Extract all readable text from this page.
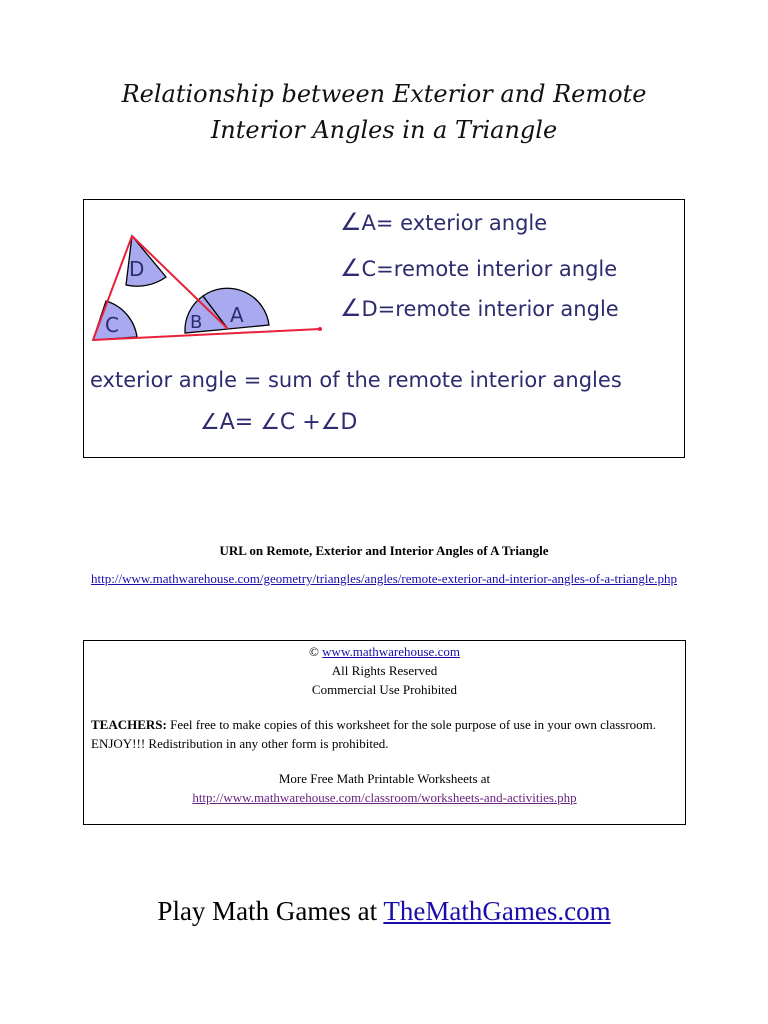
Relationship between Exterior and Remote
Interior Angles in a Triangle
D
C	B A
∠A= exterior angle
∠C=remote interior angle
∠D=remote interior angle
exterior angle = sum of the remote interior angles
∠A= ∠C +∠D
URL on Remote, Exterior and Interior Angles of A Triangle
http://www.mathwarehouse.com/geometry/triangles/angles/remote-exterior-and-interior-angles-of-a-triangle.php
© www.mathwarehouse.com
All Rights Reserved
Commercial Use Prohibited
TEACHERS: Feel free to make copies of this worksheet for the sole purpose of use in your own classroom. ENJOY!!! Redistribution in any other form is prohibited.
More Free Math Printable Worksheets at
http://www.mathwarehouse.com/classroom/worksheets-and-activities.php
Play Math Games at TheMathGames.com
